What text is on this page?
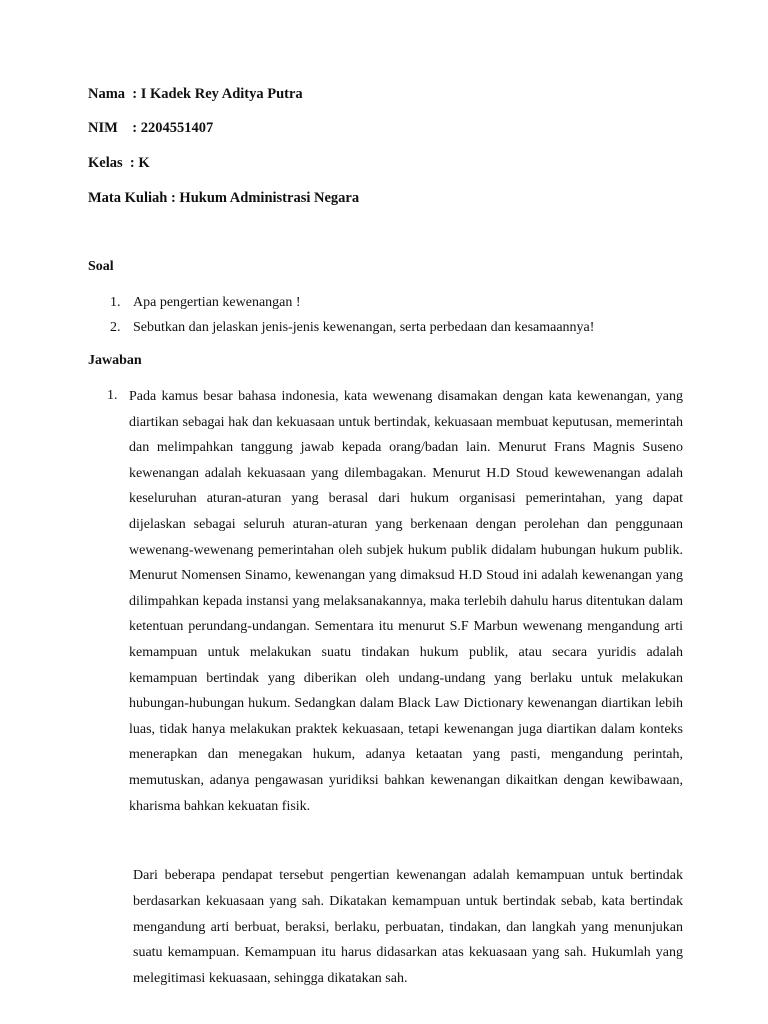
Nama  : I Kadek Rey Aditya Putra
NIM    : 2204551407
Kelas  : K
Mata Kuliah : Hukum Administrasi Negara
Soal
1. Apa pengertian kewenangan !
2. Sebutkan dan jelaskan jenis-jenis kewenangan, serta perbedaan dan kesamaannya!
Jawaban
1. Pada kamus besar bahasa indonesia, kata wewenang disamakan dengan kata kewenangan, yang diartikan sebagai hak dan kekuasaan untuk bertindak, kekuasaan membuat keputusan, memerintah dan melimpahkan tanggung jawab kepada orang/badan lain. Menurut Frans Magnis Suseno kewenangan adalah kekuasaan yang dilembagakan. Menurut H.D Stoud kewewenangan adalah keseluruhan aturan-aturan yang berasal dari hukum organisasi pemerintahan, yang dapat dijelaskan sebagai seluruh aturan-aturan yang berkenaan dengan perolehan dan penggunaan wewenang-wewenang pemerintahan oleh subjek hukum publik didalam hubungan hukum publik. Menurut Nomensen Sinamo, kewenangan yang dimaksud H.D Stoud ini adalah kewenangan yang dilimpahkan kepada instansi yang melaksanakannya, maka terlebih dahulu harus ditentukan dalam ketentuan perundang-undangan. Sementara itu menurut S.F Marbun wewenang mengandung arti kemampuan untuk melakukan suatu tindakan hukum publik, atau secara yuridis adalah kemampuan bertindak yang diberikan oleh undang-undang yang berlaku untuk melakukan hubungan-hubungan hukum. Sedangkan dalam Black Law Dictionary kewenangan diartikan lebih luas, tidak hanya melakukan praktek kekuasaan, tetapi kewenangan juga diartikan dalam konteks menerapkan dan menegakan hukum, adanya ketaatan yang pasti, mengandung perintah, memutuskan, adanya pengawasan yuridiksi bahkan kewenangan dikaitkan dengan kewibawaan, kharisma bahkan kekuatan fisik.
Dari beberapa pendapat tersebut pengertian kewenangan adalah kemampuan untuk bertindak berdasarkan kekuasaan yang sah. Dikatakan kemampuan untuk bertindak sebab, kata bertindak mengandung arti berbuat, beraksi, berlaku, perbuatan, tindakan, dan langkah yang menunjukan suatu kemampuan. Kemampuan itu harus didasarkan atas kekuasaan yang sah. Hukumlah yang melegitimasi kekuasaan, sehingga dikatakan sah.
